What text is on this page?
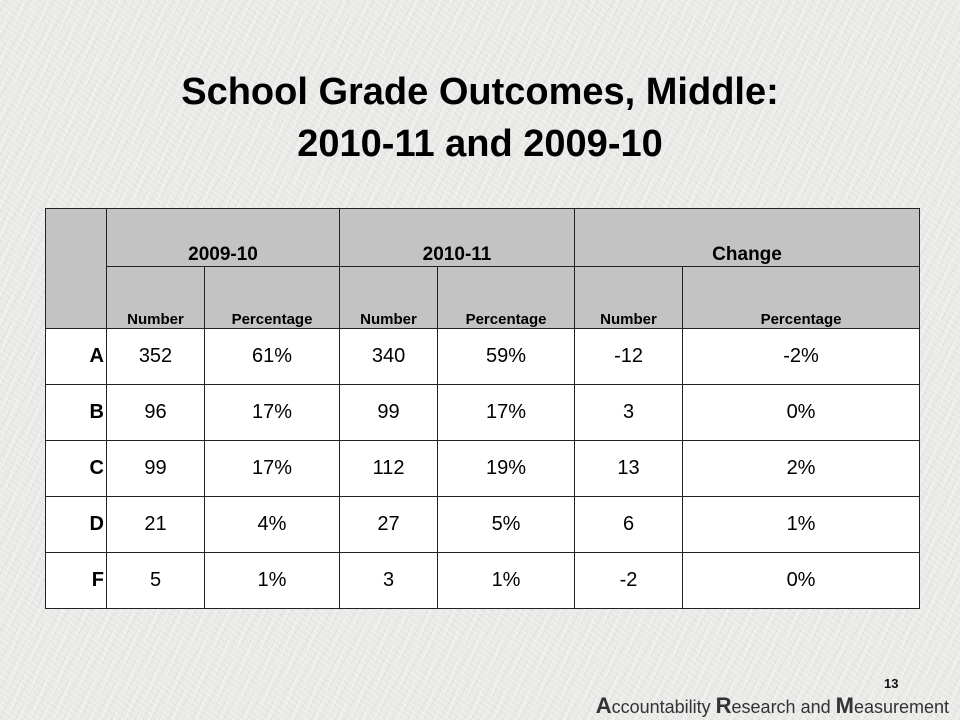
School Grade Outcomes, Middle:
2010-11 and 2009-10
	2009-10		2010-11		Change	
	Number	Percentage	Number	Percentage	Number	Percentage
A	352	61%	340	59%	-12	-2%
B	96	17%	99	17%	3	0%
C	99	17%	112	19%	13	2%
D	21	4%	27	5%	6	1%
F	5	1%	3	1%	-2	0%
13
Accountability Research and Measurement
